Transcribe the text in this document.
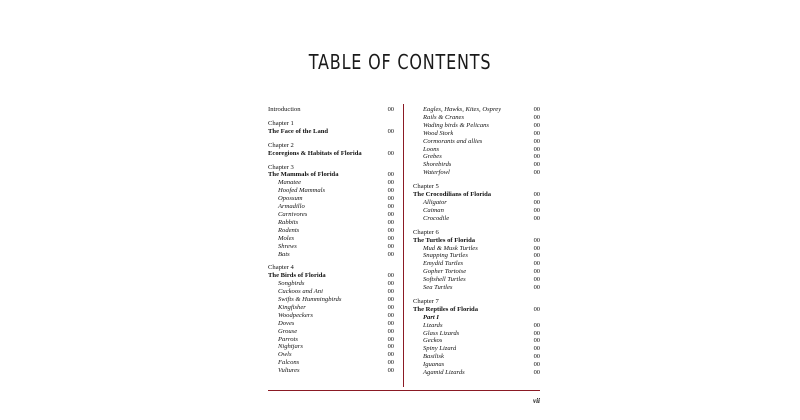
TABLE OF CONTENTS
Introduction	00
Chapter 1
The Face of the Land	00
Chapter 2
Ecoregions & Habitats of Florida	00
Chapter 3
The Mammals of Florida	00
Manatee	00
Hoofed Mammals	00
Opossum	00
Armadillo	00
Carnivores	00
Rabbits	00
Rodents	00
Moles	00
Shrews	00
Bats	00
Chapter 4
The Birds of Florida	00
Songbirds	00
Cuckoos and Ani	00
Swifts & Hummingbirds	00
Kingfisher	00
Woodpeckers	00
Doves	00
Grouse	00
Parrots	00
Nightjars	00
Owls	00
Falcons	00
Vultures	00
Eagles, Hawks, Kites, Osprey	00
Rails & Cranes	00
Wading birds & Pelicans	00
Wood Stork	00
Cormorants and allies	00
Loons	00
Grebes	00
Shorebirds	00
Waterfowl	00
Chapter 5
The Crocodilians of Florida	00
Alligator	00
Caiman	00
Crocodile	00
Chapter 6
The Turtles of Florida	00
Mud & Musk Turtles	00
Snapping Turtles	00
Emydid Turtles	00
Gopher Tortoise	00
Softshell Turtles	00
Sea Turtles	00
Chapter 7
The Reptiles of Florida	00
Part I
Lizards	00
Glass Lizards	00
Geckos	00
Spiny Lizard	00
Basilisk	00
Iguanas	00
Agamid Lizards	00
vii
